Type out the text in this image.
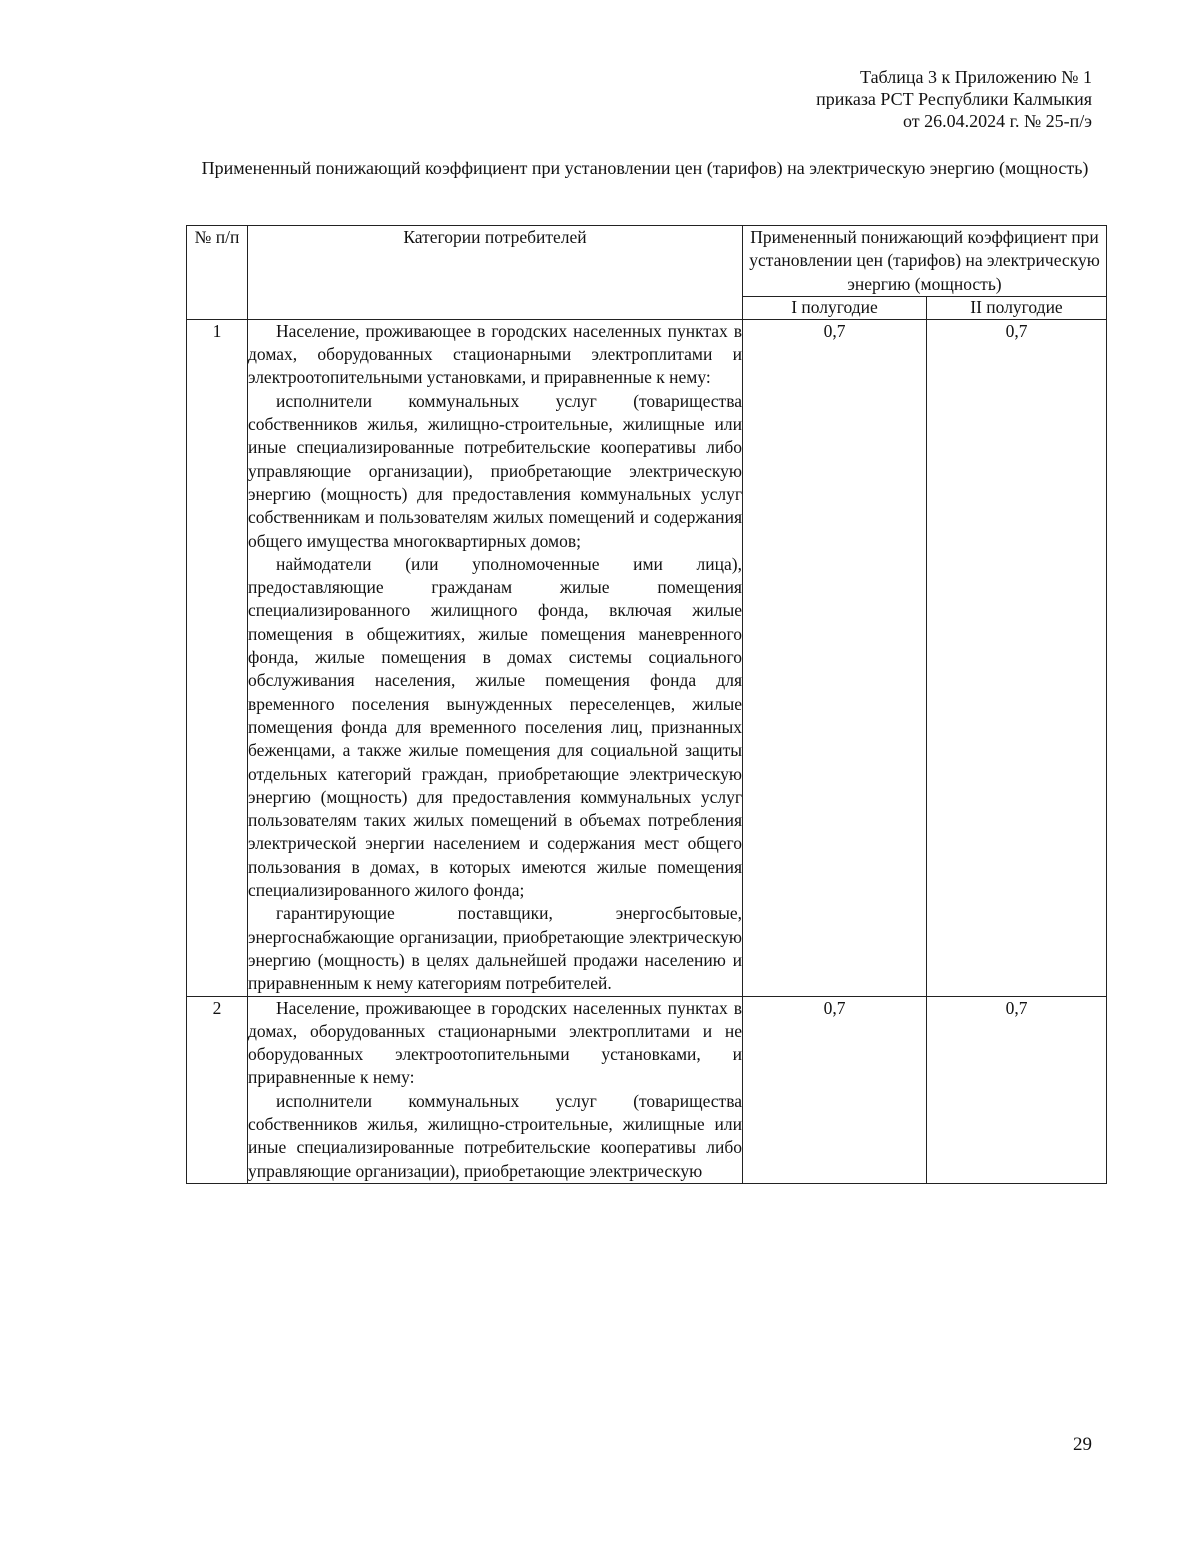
Таблица 3 к Приложению № 1
приказа РСТ Республики Калмыкия
от 26.04.2024 г. № 25-п/э
Примененный понижающий коэффициент при установлении цен (тарифов) на электрическую энергию (мощность)
№ п/п	Категории потребителей	Примененный понижающий коэффициент при установлении цен (тарифов) на электрическую энергию (мощность)	
		I полугодие	II полугодие
1	Население, проживающее в городских населенных пунктах в домах, оборудованных стационарными электроплитами и электроотопительными установками, и приравненные к нему:

исполнители коммунальных услуг (товарищества собственников жилья, жилищно-строительные, жилищные или иные специализированные потребительские кооперативы либо управляющие организации), приобретающие электрическую энергию (мощность) для предоставления коммунальных услуг собственникам и пользователям жилых помещений и содержания общего имущества многоквартирных домов;

наймодатели (или уполномоченные ими лица), предоставляющие гражданам жилые помещения специализированного жилищного фонда, включая жилые помещения в общежитиях, жилые помещения маневренного фонда, жилые помещения в домах системы социального обслуживания населения, жилые помещения фонда для временного поселения вынужденных переселенцев, жилые помещения фонда для временного поселения лиц, признанных беженцами, а также жилые помещения для социальной защиты отдельных категорий граждан, приобретающие электрическую энергию (мощность) для предоставления коммунальных услуг пользователям таких жилых помещений в объемах потребления электрической энергии населением и содержания мест общего пользования в домах, в которых имеются жилые помещения специализированного жилого фонда;

гарантирующие поставщики, энергосбытовые, энергоснабжающие организации, приобретающие электрическую энергию (мощность) в целях дальнейшей продажи населению и приравненным к нему категориям потребителей.	0,7	0,7
2	Население, проживающее в городских населенных пунктах в домах, оборудованных стационарными электроплитами и не оборудованных электроотопительными установками, и приравненные к нему:

исполнители коммунальных услуг (товарищества собственников жилья, жилищно-строительные, жилищные или иные специализированные потребительские кооперативы либо управляющие организации), приобретающие электрическую	0,7	0,7
29
